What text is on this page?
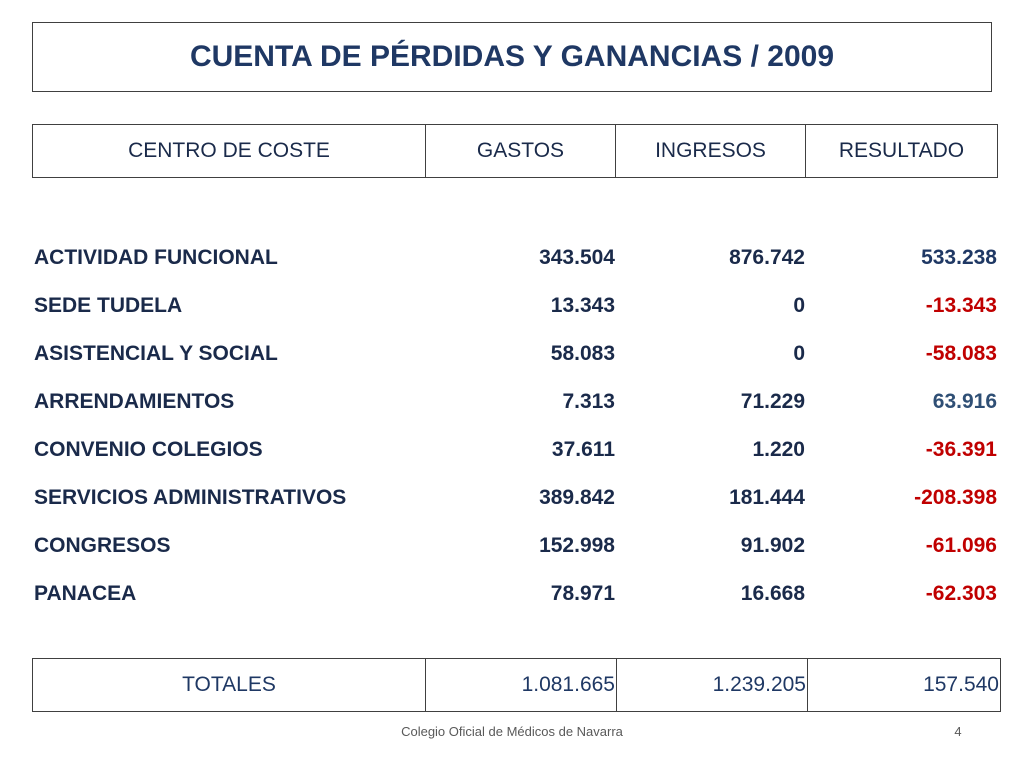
CUENTA DE PÉRDIDAS Y GANANCIAS / 2009
CENTRO DE COSTE	GASTOS	INGRESOS	RESULTADO
ACTIVIDAD FUNCIONAL	343.504	876.742	533.238
SEDE TUDELA	13.343	0	-13.343
ASISTENCIAL Y SOCIAL	58.083	0	-58.083
ARRENDAMIENTOS	7.313	71.229	63.916
CONVENIO COLEGIOS	37.611	1.220	-36.391
SERVICIOS ADMINISTRATIVOS	389.842	181.444	-208.398
CONGRESOS	152.998	91.902	-61.096
PANACEA	78.971	16.668	-62.303
TOTALES	1.081.665	1.239.205	157.540
Colegio Oficial de Médicos de Navarra	4
